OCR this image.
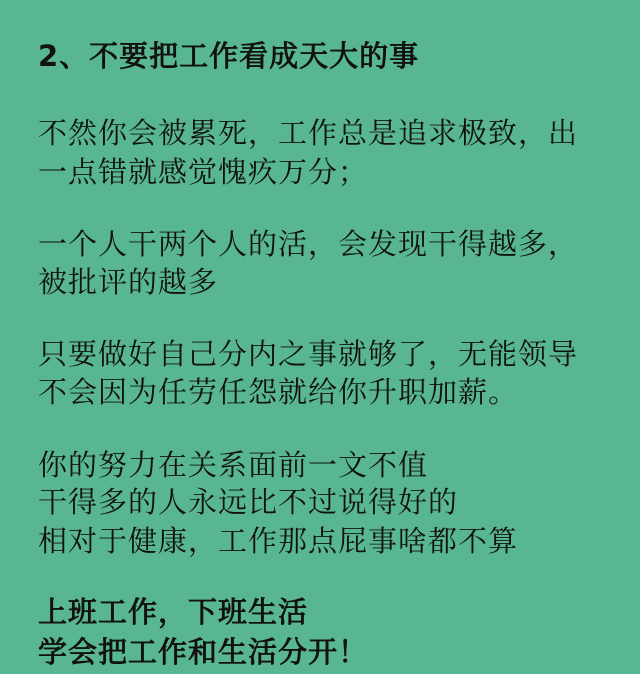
2、不要把工作看成天大的事
不然你会被累死，工作总是追求极致，出
一点错就感觉愧疚万分；
一个人干两个人的活，会发现干得越多，
被批评的越多
只要做好自己分内之事就够了，无能领导
不会因为任劳任怨就给你升职加薪。
你的努力在关系面前一文不值
干得多的人永远比不过说得好的
相对于健康，工作那点屁事啥都不算
上班工作，下班生活
学会把工作和生活分开！
